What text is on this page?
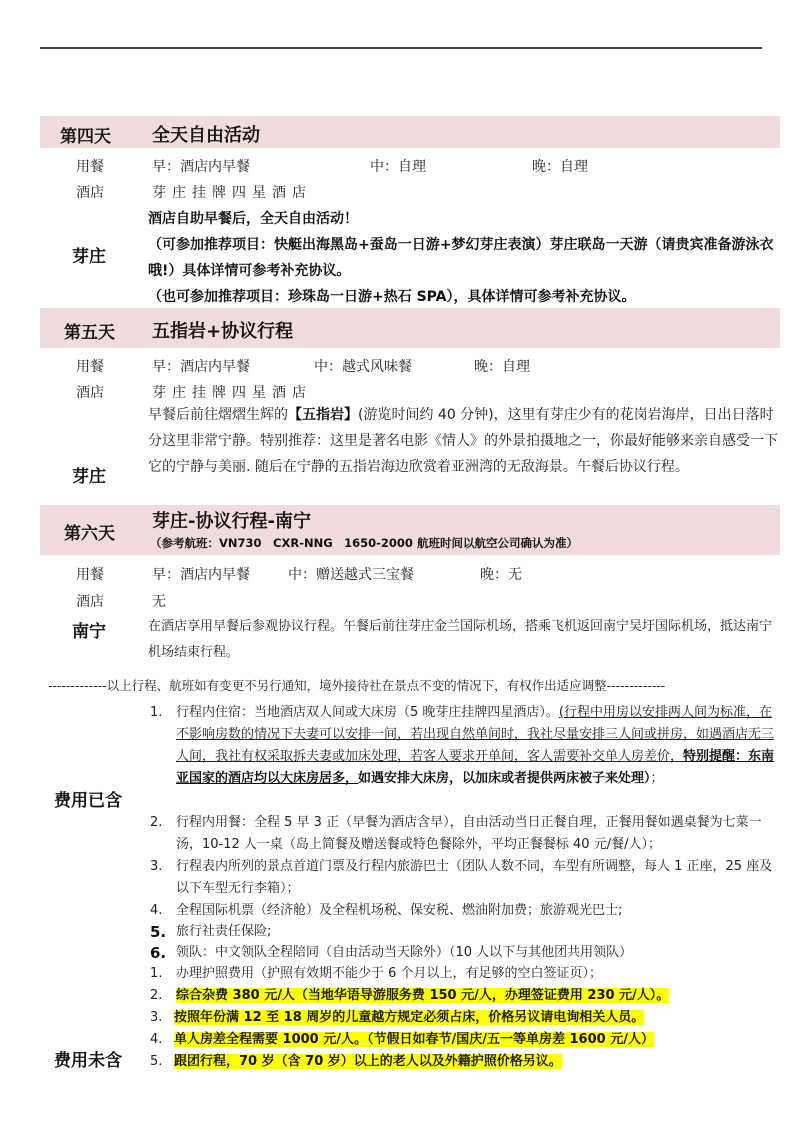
第四天 全天自由活动
用餐	早：酒店内早餐	中：自理	晚：自理
酒店	芽庄挂牌四星酒店
芽庄
酒店自助早餐后，全天自由活动！
（可参加推荐项目：快艇出海黑岛+蚕岛一日游+梦幻芽庄表演）芽庄联岛一天游（请贵宾准备游泳衣哦!）具体详情可参考补充协议。
（也可参加推荐项目：珍珠岛一日游+热石 SPA），具体详情可参考补充协议。
第五天 五指岩+协议行程
用餐	早：酒店内早餐	中：越式风味餐	晚：自理
酒店	芽庄挂牌四星酒店
芽庄
早餐后前往熠熠生辉的【五指岩】(游览时间约 40 分钟)，这里有芽庄少有的花岗岩海岸，日出日落时分这里非常宁静。特别推荐：这里是著名电影《情人》的外景拍摄地之一，你最好能够来亲自感受一下它的宁静与美丽. 随后在宁静的五指岩海边欣赏着亚洲湾的无敌海景。午餐后协议行程。
第六天
芽庄-协议行程-南宁
（参考航班：VN730　CXR-NNG　1650-2000 航班时间以航空公司确认为准）
用餐	早：酒店内早餐	中：赠送越式三宝餐	晚：无
酒店	无
南宁	在酒店享用早餐后参观协议行程。午餐后前往芽庄金兰国际机场，搭乘飞机返回南宁吴圩国际机场，抵达南宁机场结束行程。
-------------以上行程、航班如有变更不另行通知，境外接待社在景点不变的情况下，有权作出适应调整-------------
费用已含
1. 行程内住宿：当地酒店双人间或大床房（5 晚芽庄挂牌四星酒店）。(行程中用房以安排两人间为标准，在不影响房数的情况下夫妻可以安排一间，若出现自然单间时，我社尽量安排三人间或拼房，如遇酒店无三人间，我社有权采取拆夫妻或加床处理，若客人要求开单间，客人需要补交单人房差价，特别提醒：东南亚国家的酒店均以大床房居多，如遇安排大床房，以加床或者提供两床被子来处理）；
2. 行程内用餐：全程 5 早 3 正（早餐为酒店含早），自由活动当日正餐自理，正餐用餐如遇桌餐为七菜一汤，10-12 人一桌（岛上简餐及赠送餐或特色餐除外，平均正餐餐标 40 元/餐/人）；
3. 行程表内所列的景点首道门票及行程内旅游巴士（团队人数不同，车型有所调整，每人 1 正座，25 座及以下车型无行李箱）；
4. 全程国际机票（经济舱）及全程机场税、保安税、燃油附加费；旅游观光巴士;
5. 旅行社责任保险;
6. 领队：中文领队全程陪同（自由活动当天除外）（10 人以下与其他团共用领队）
费用未含
1. 办理护照费用（护照有效期不能少于 6 个月以上，有足够的空白签证页）；
2. 综合杂费 380 元/人（当地华语导游服务费 150 元/人，办理签证费用 230 元/人）。
3. 按照年份满 12 至 18 周岁的儿童越方规定必须占床，价格另议请电询相关人员。
4. 单人房差全程需要 1000 元/人。（节假日如春节/国庆/五一等单房差 1600 元/人）
5. 跟团行程，70 岁（含 70 岁）以上的老人以及外籍护照价格另议。
